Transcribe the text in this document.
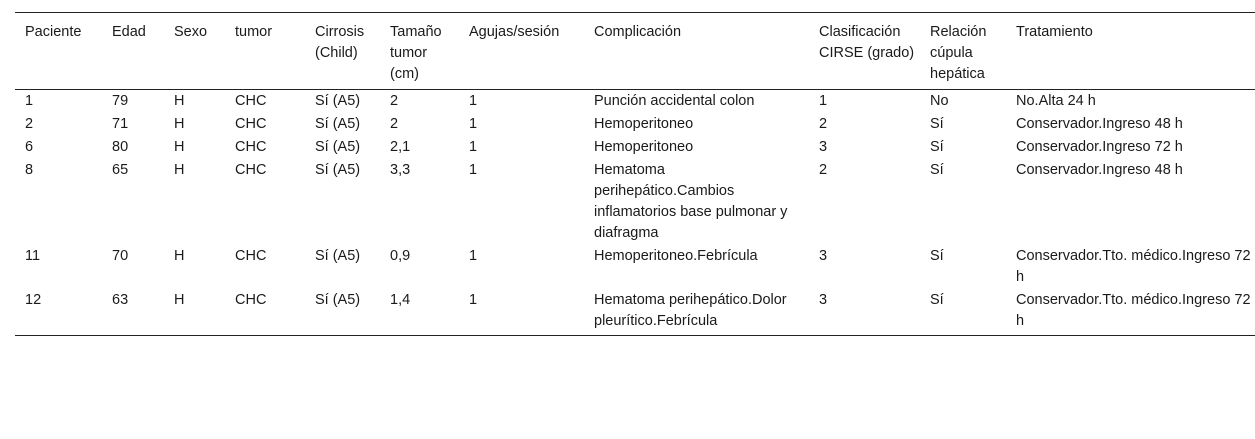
Paciente	Edad	Sexo	tumor	Cirrosis (Child)	Tamaño tumor (cm)	Agujas/sesión	Complicación	Clasificación CIRSE (grado)	Relación cúpula hepática	Tratamiento
1	79	H	CHC	Sí (A5)	2	1	Punción accidental colon	1	No	No.Alta 24 h
2	71	H	CHC	Sí (A5)	2	1	Hemoperitoneo	2	Sí	Conservador.Ingreso 48 h
6	80	H	CHC	Sí (A5)	2,1	1	Hemoperitoneo	3	Sí	Conservador.Ingreso 72 h
8	65	H	CHC	Sí (A5)	3,3	1	Hematoma perihepático.Cambios inflamatorios base pulmonar y diafragma	2	Sí	Conservador.Ingreso 48 h
11	70	H	CHC	Sí (A5)	0,9	1	Hemoperitoneo.Febrícula	3	Sí	Conservador.Tto. médico.Ingreso 72 h
12	63	H	CHC	Sí (A5)	1,4	1	Hematoma perihepático.Dolor pleurítico.Febrícula	3	Sí	Conservador.Tto. médico.Ingreso 72 h
